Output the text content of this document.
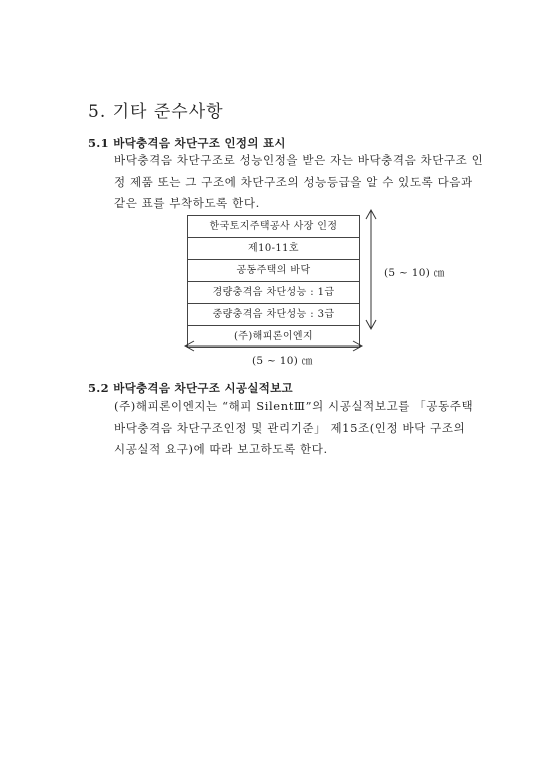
5. 기타 준수사항
5.1 바닥충격음 차단구조 인정의 표시
바닥충격음 차단구조로 성능인정을 받은 자는 바닥충격음 차단구조 인
정 제품 또는 그 구조에 차단구조의 성능등급을 알 수 있도록 다음과
같은 표를 부착하도록 한다.
한국토지주택공사 사장 인정
제10-11호
공동주택의 바닥
경량충격음 차단성능 : 1급
중량충격음 차단성능 : 3급
(주)해피론이엔지
(5 ~ 10) ㎝
(5 ~ 10) ㎝
5.2 바닥충격음 차단구조 시공실적보고
(주)해피론이엔지는 “해피 SilentⅢ”의 시공실적보고를 「공동주택
바닥충격음 차단구조인정 및 관리기준」 제15조(인정 바닥 구조의
시공실적 요구)에 따라 보고하도록 한다.
